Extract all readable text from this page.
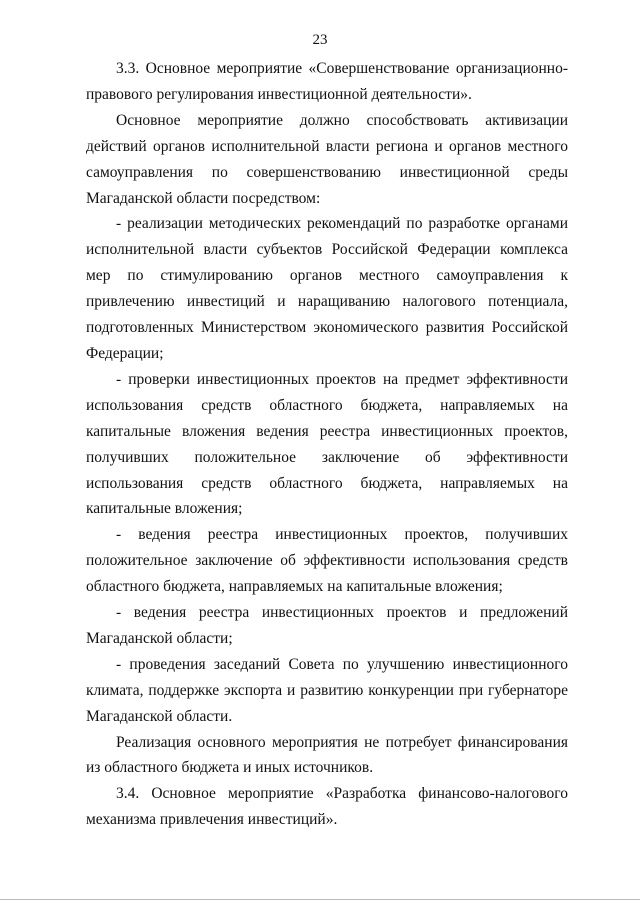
23

3.3. Основное мероприятие «Совершенствование организационно-правового регулирования инвестиционной деятельности».

Основное мероприятие должно способствовать активизации действий органов исполнительной власти региона и органов местного самоуправления по совершенствованию инвестиционной среды Магаданской области посредством:

- реализации методических рекомендаций по разработке органами исполнительной власти субъектов Российской Федерации комплекса мер по стимулированию органов местного самоуправления к привлечению инвестиций и наращиванию налогового потенциала, подготовленных Министерством экономического развития Российской Федерации;

- проверки инвестиционных проектов на предмет эффективности использования средств областного бюджета, направляемых на капитальные вложения ведения реестра инвестиционных проектов, получивших положительное заключение об эффективности использования средств областного бюджета, направляемых на капитальные вложения;

- ведения реестра инвестиционных проектов, получивших положительное заключение об эффективности использования средств областного бюджета, направляемых на капитальные вложения;

- ведения реестра инвестиционных проектов и предложений Магаданской области;

- проведения заседаний Совета по улучшению инвестиционного климата, поддержке экспорта и развитию конкуренции при губернаторе Магаданской области.

Реализация основного мероприятия не потребует финансирования из областного бюджета и иных источников.

3.4. Основное мероприятие «Разработка финансово-налогового механизма привлечения инвестиций».
